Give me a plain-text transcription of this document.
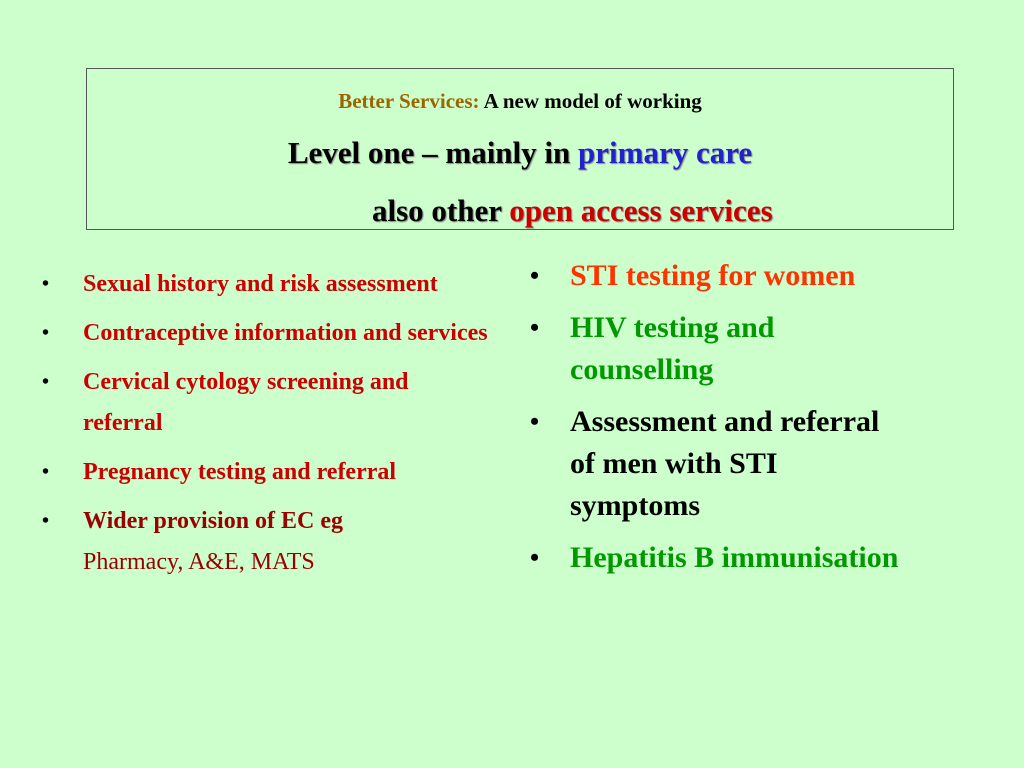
Better Services: A new model of working
Level one – mainly in primary care
also other open access services
• Sexual history and risk assessment
• Contraceptive information and services
• Cervical cytology screening and referral
• Pregnancy testing and referral
• Wider provision of EC eg
Pharmacy, A&E, MATS
• STI testing for women
• HIV testing and counselling
• Assessment and referral of men with STI symptoms
• Hepatitis B immunisation
